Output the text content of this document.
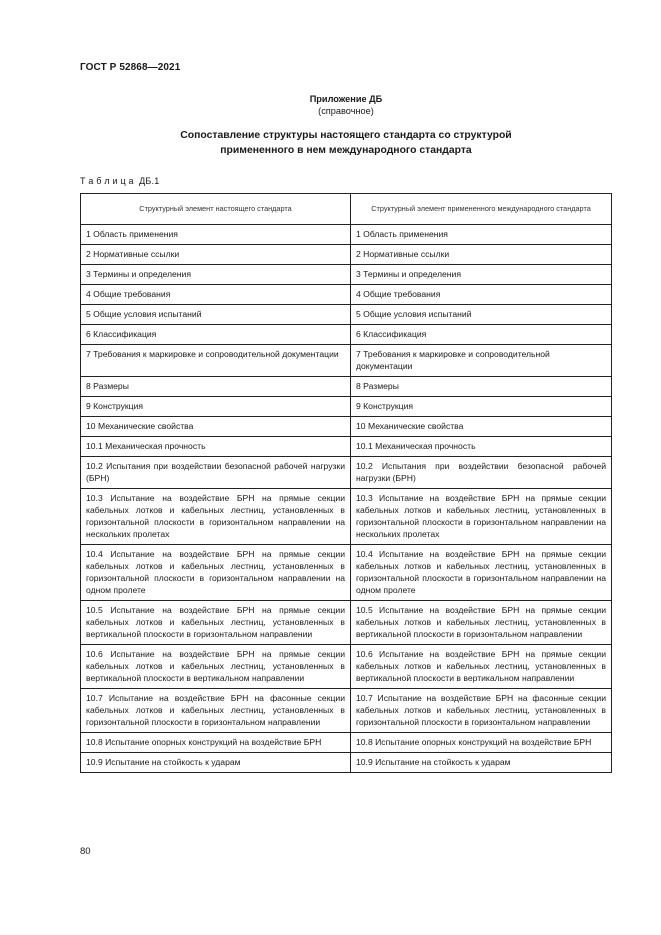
ГОСТ Р 52868—2021
Приложение ДБ
(справочное)
Сопоставление структуры настоящего стандарта со структурой
примененного в нем международного стандарта
Т а б л и ц а  ДБ.1
Структурный элемент настоящего стандарта	Структурный элемент примененного международного стандарта
1 Область применения	1 Область применения
2 Нормативные ссылки	2 Нормативные ссылки
3 Термины и определения	3 Термины и определения
4 Общие требования	4 Общие требования
5 Общие условия испытаний	5 Общие условия испытаний
6 Классификация	6 Классификация
7 Требования к маркировке и сопроводительной документации	7 Требования к маркировке и сопроводительной документации
8 Размеры	8 Размеры
9 Конструкция	9 Конструкция
10 Механические свойства	10 Механические свойства
10.1 Механическая прочность	10.1 Механическая прочность
10.2 Испытания при воздействии безопасной рабочей нагрузки (БРН)	10.2 Испытания при воздействии безопасной рабочей нагрузки (БРН)
10.3 Испытание на воздействие БРН на прямые секции кабельных лотков и кабельных лестниц, установленных в горизонтальной плоскости в горизонтальном направлении на нескольких пролетах	10.3 Испытание на воздействие БРН на прямые секции кабельных лотков и кабельных лестниц, установленных в горизонтальной плоскости в горизонтальном направлении на нескольких пролетах
10.4 Испытание на воздействие БРН на прямые секции кабельных лотков и кабельных лестниц, установленных в горизонтальной плоскости в горизонтальном направлении на одном пролете	10.4 Испытание на воздействие БРН на прямые секции кабельных лотков и кабельных лестниц, установленных в горизонтальной плоскости в горизонтальном направлении на одном пролете
10.5 Испытание на воздействие БРН на прямые секции кабельных лотков и кабельных лестниц, установленных в вертикальной плоскости в горизонтальном направлении	10.5 Испытание на воздействие БРН на прямые секции кабельных лотков и кабельных лестниц, установленных в вертикальной плоскости в горизонтальном направлении
10.6 Испытание на воздействие БРН на прямые секции кабельных лотков и кабельных лестниц, установленных в вертикальной плоскости в вертикальном направлении	10.6 Испытание на воздействие БРН на прямые секции кабельных лотков и кабельных лестниц, установленных в вертикальной плоскости в вертикальном направлении
10.7 Испытание на воздействие БРН на фасонные секции кабельных лотков и кабельных лестниц, установленных в горизонтальной плоскости в горизонтальном направлении	10.7 Испытание на воздействие БРН на фасонные секции кабельных лотков и кабельных лестниц, установленных в горизонтальной плоскости в горизонтальном направлении
10.8 Испытание опорных конструкций на воздействие БРН	10.8 Испытание опорных конструкций на воздействие БРН
10.9 Испытание на стойкость к ударам	10.9 Испытание на стойкость к ударам
80
